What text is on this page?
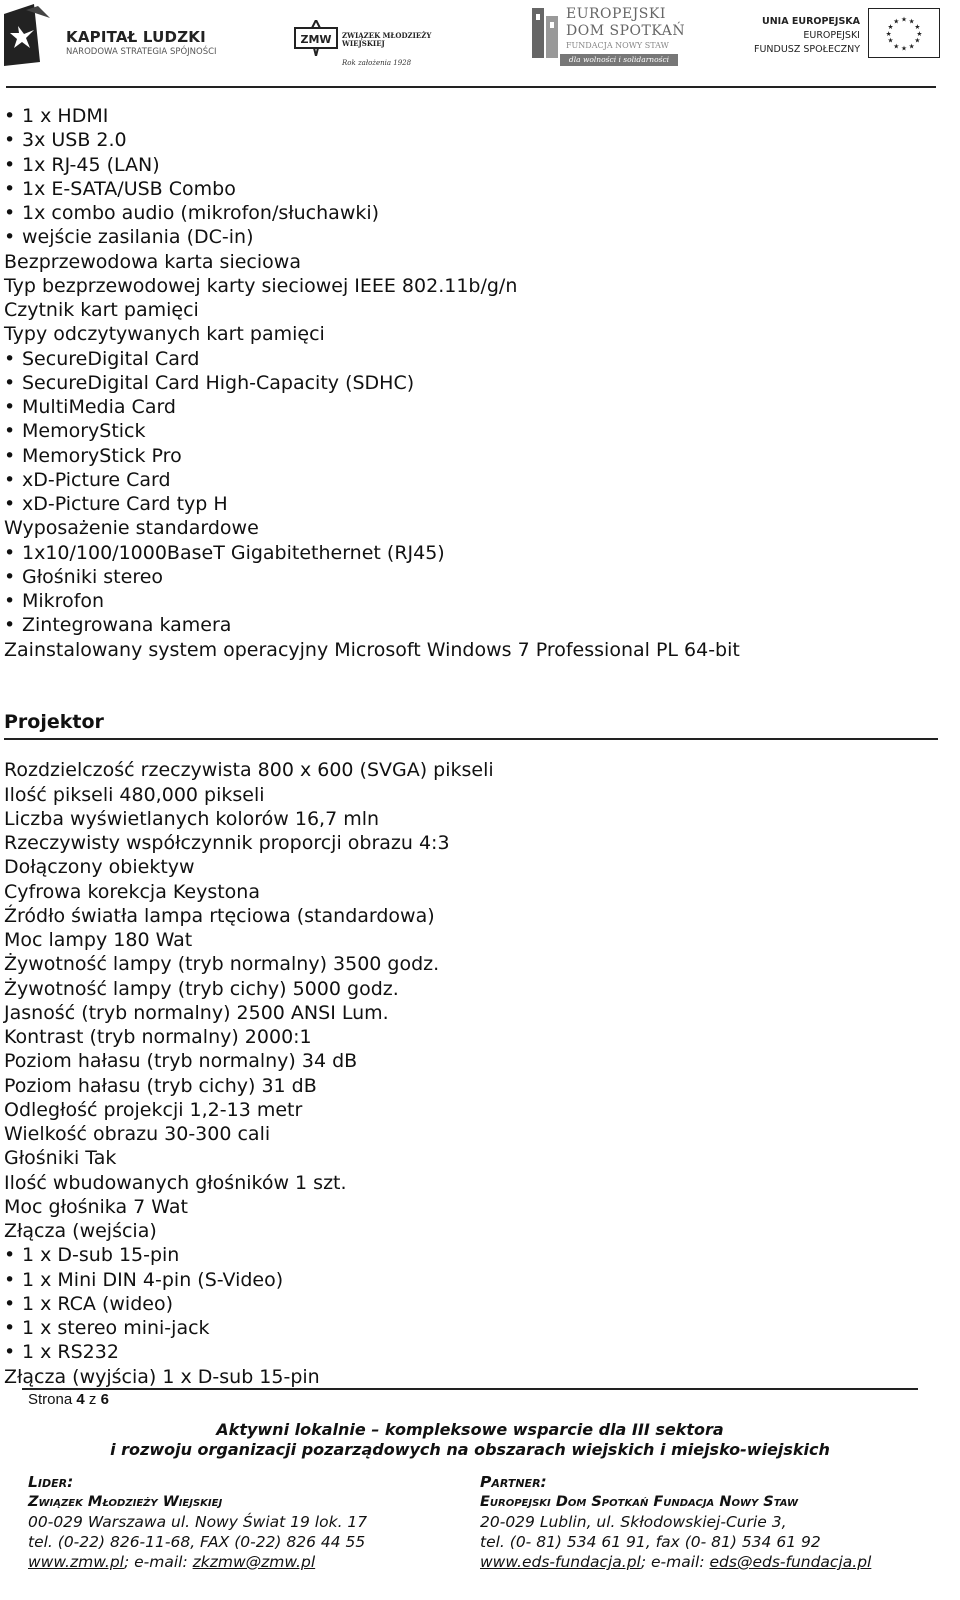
KAPITAŁ LUDZKI
NARODOWA STRATEGIA SPÓJNOŚCI
ZMW ZWIĄZEK MŁODZIEŻY
WIEJSKIEJ
Rok założenia 1928
EUROPEJSKI
DOM SPOTKAŃ
FUNDACJA NOWY STAW
dla wolności i solidarności
UNIA EUROPEJSKA
EUROPEJSKI
FUNDUSZ SPOŁECZNY
★ ★
★
★
★
★
★
★
★
★
★
★
• 1 x HDMI
• 3x USB 2.0
• 1x RJ-45 (LAN)
• 1x E-SATA/USB Combo
• 1x combo audio (mikrofon/słuchawki)
• wejście zasilania (DC-in)
Bezprzewodowa karta sieciowa
Typ bezprzewodowej karty sieciowej IEEE 802.11b/g/n
Czytnik kart pamięci
Typy odczytywanych kart pamięci
• SecureDigital Card
• SecureDigital Card High-Capacity (SDHC)
• MultiMedia Card
• MemoryStick
• MemoryStick Pro
• xD-Picture Card
• xD-Picture Card typ H
Wyposażenie standardowe
• 1x10/100/1000BaseT Gigabitethernet (RJ45)
• Głośniki stereo
• Mikrofon
• Zintegrowana kamera
Zainstalowany system operacyjny Microsoft Windows 7 Professional PL 64-bit
Projektor
Rozdzielczość rzeczywista 800 x 600 (SVGA) pikseli
Ilość pikseli 480,000 pikseli
Liczba wyświetlanych kolorów 16,7 mln
Rzeczywisty współczynnik proporcji obrazu 4:3
Dołączony obiektyw
Cyfrowa korekcja Keystona
Źródło światła lampa rtęciowa (standardowa)
Moc lampy 180 Wat
Żywotność lampy (tryb normalny) 3500 godz.
Żywotność lampy (tryb cichy) 5000 godz.
Jasność (tryb normalny) 2500 ANSI Lum.
Kontrast (tryb normalny) 2000:1
Poziom hałasu (tryb normalny) 34 dB
Poziom hałasu (tryb cichy) 31 dB
Odległość projekcji 1,2-13 metr
Wielkość obrazu 30-300 cali
Głośniki Tak
Ilość wbudowanych głośników 1 szt.
Moc głośnika 7 Wat
Złącza (wejścia)
• 1 x D-sub 15-pin
• 1 x Mini DIN 4-pin (S-Video)
• 1 x RCA (wideo)
• 1 x stereo mini-jack
• 1 x RS232
Złącza (wyjścia) 1 x D-sub 15-pin
Strona 4 z 6
Aktywni lokalnie – kompleksowe wsparcie dla III sektora
i rozwoju organizacji pozarządowych na obszarach wiejskich i miejsko-wiejskich
Lider:
Związek Młodzieży Wiejskiej
00-029 Warszawa ul. Nowy Świat 19 lok. 17
tel. (0-22) 826-11-68, FAX (0-22) 826 44 55
www.zmw.pl; e-mail: zkzmw@zmw.pl
Partner:
Europejski Dom Spotkań Fundacja Nowy Staw
20-029 Lublin, ul. Skłodowskiej-Curie 3,
tel. (0- 81) 534 61 91, fax (0- 81) 534 61 92
www.eds-fundacja.pl; e-mail: eds@eds-fundacja.pl
